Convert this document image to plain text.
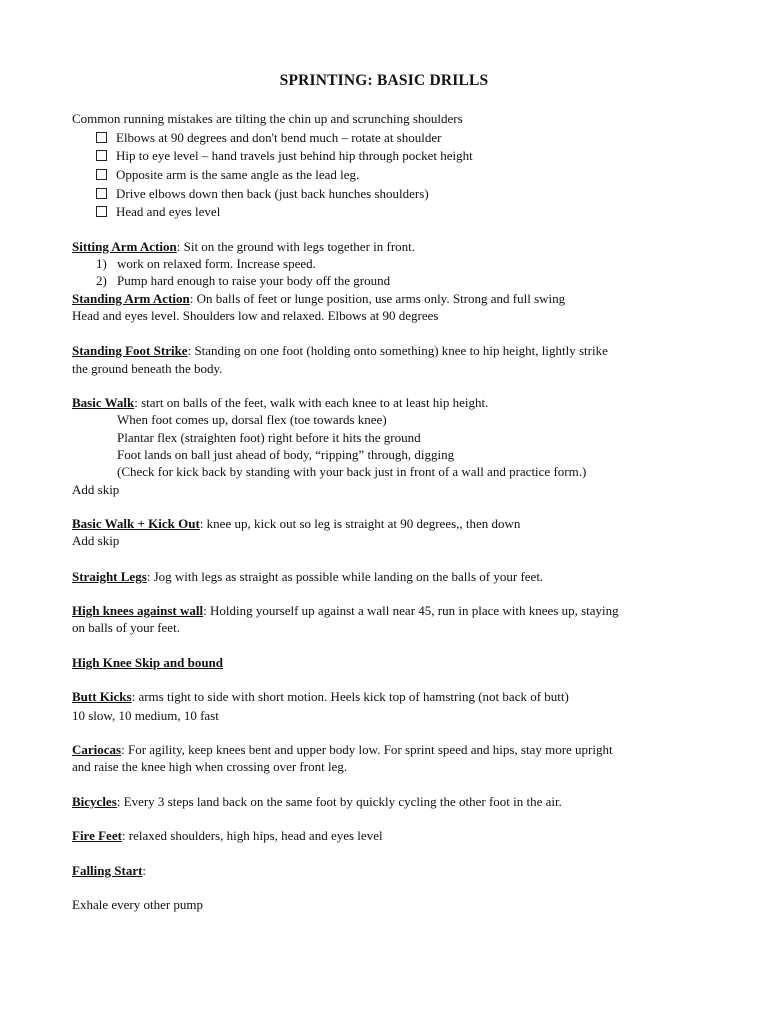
SPRINTING: BASIC DRILLS
Common running mistakes are tilting the chin up and scrunching shoulders
Elbows at 90 degrees and don't bend much – rotate at shoulder
Hip to eye level – hand travels just behind hip through pocket height
Opposite arm is the same angle as the lead leg.
Drive elbows down then back (just back hunches shoulders)
Head and eyes level
Sitting Arm Action: Sit on the ground with legs together in front.
1) work on relaxed form. Increase speed.
2) Pump hard enough to raise your body off the ground
Standing Arm Action: On balls of feet or lunge position, use arms only. Strong and full swing
Head and eyes level. Shoulders low and relaxed. Elbows at 90 degrees
Standing Foot Strike: Standing on one foot (holding onto something) knee to hip height, lightly strike
the ground beneath the body.
Basic Walk: start on balls of the feet, walk with each knee to at least hip height.
When foot comes up, dorsal flex (toe towards knee)
Plantar flex (straighten foot) right before it hits the ground
Foot lands on ball just ahead of body, “ripping” through, digging
(Check for kick back by standing with your back just in front of a wall and practice form.)
Add skip
Basic Walk + Kick Out: knee up, kick out so leg is straight at 90 degrees,, then down
Add skip
Straight Legs: Jog with legs as straight as possible while landing on the balls of your feet.
High knees against wall: Holding yourself up against a wall near 45, run in place with knees up, staying
on balls of your feet.
High Knee Skip and bound
Butt Kicks: arms tight to side with short motion. Heels kick top of hamstring (not back of butt)
10 slow, 10 medium, 10 fast
Cariocas: For agility, keep knees bent and upper body low. For sprint speed and hips, stay more upright
and raise the knee high when crossing over front leg.
Bicycles: Every 3 steps land back on the same foot by quickly cycling the other foot in the air.
Fire Feet: relaxed shoulders, high hips, head and eyes level
Falling Start:
Exhale every other pump
